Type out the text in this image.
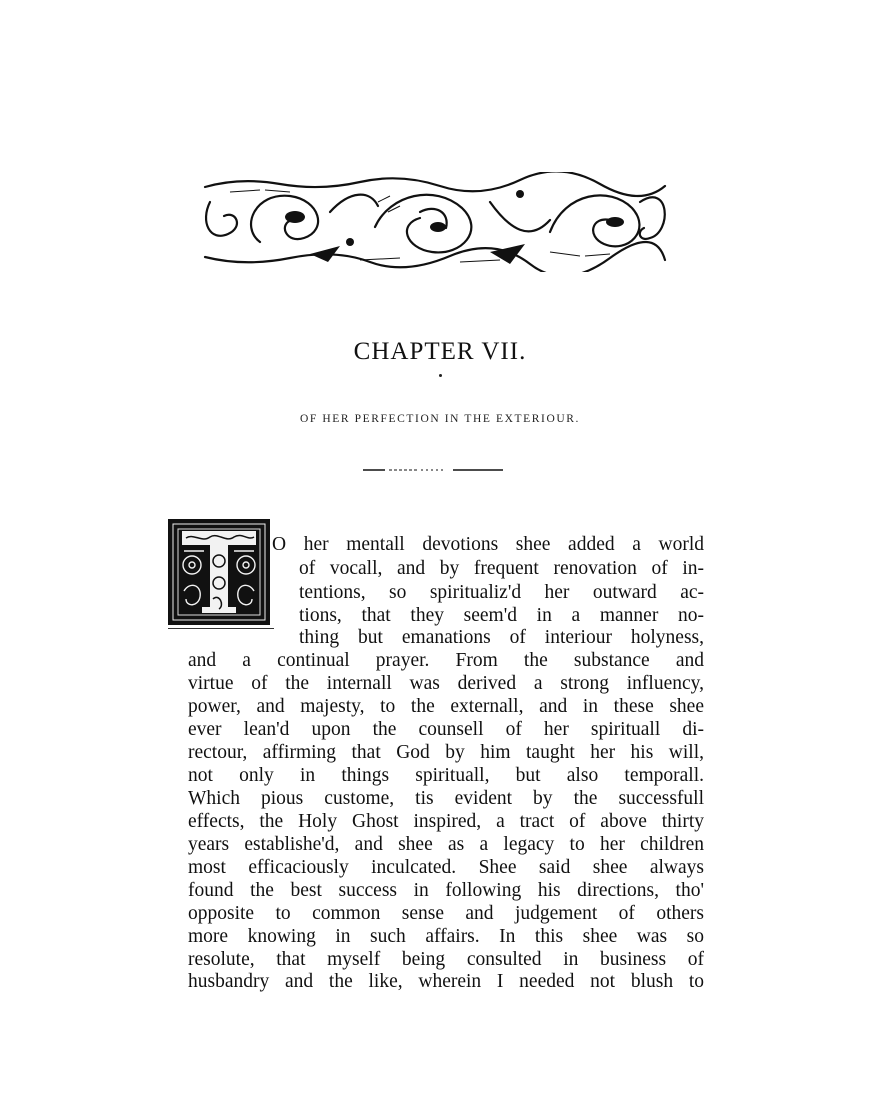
CHAPTER VII.
OF HER PERFECTION IN THE EXTERIOUR.
O her mentall devotions shee added a world
of vocall, and by frequent renovation of in-
tentions, so spiritualiz'd her outward ac-
tions, that they seem'd in a manner no-
thing but emanations of interiour holyness,
and a continual prayer. From the substance and
virtue of the internall was derived a strong influency,
power, and majesty, to the externall, and in these shee
ever lean'd upon the counsell of her spirituall di-
rectour, affirming that God by him taught her his will,
not only in things spirituall, but also temporall.
Which pious custome, tis evident by the successfull
effects, the Holy Ghost inspired, a tract of above thirty
years establishe'd, and shee as a legacy to her children
most efficaciously inculcated. Shee said shee always
found the best success in following his directions, tho'
opposite to common sense and judgement of others
more knowing in such affairs. In this shee was so
resolute, that myself being consulted in business of
husbandry and the like, wherein I needed not blush to
